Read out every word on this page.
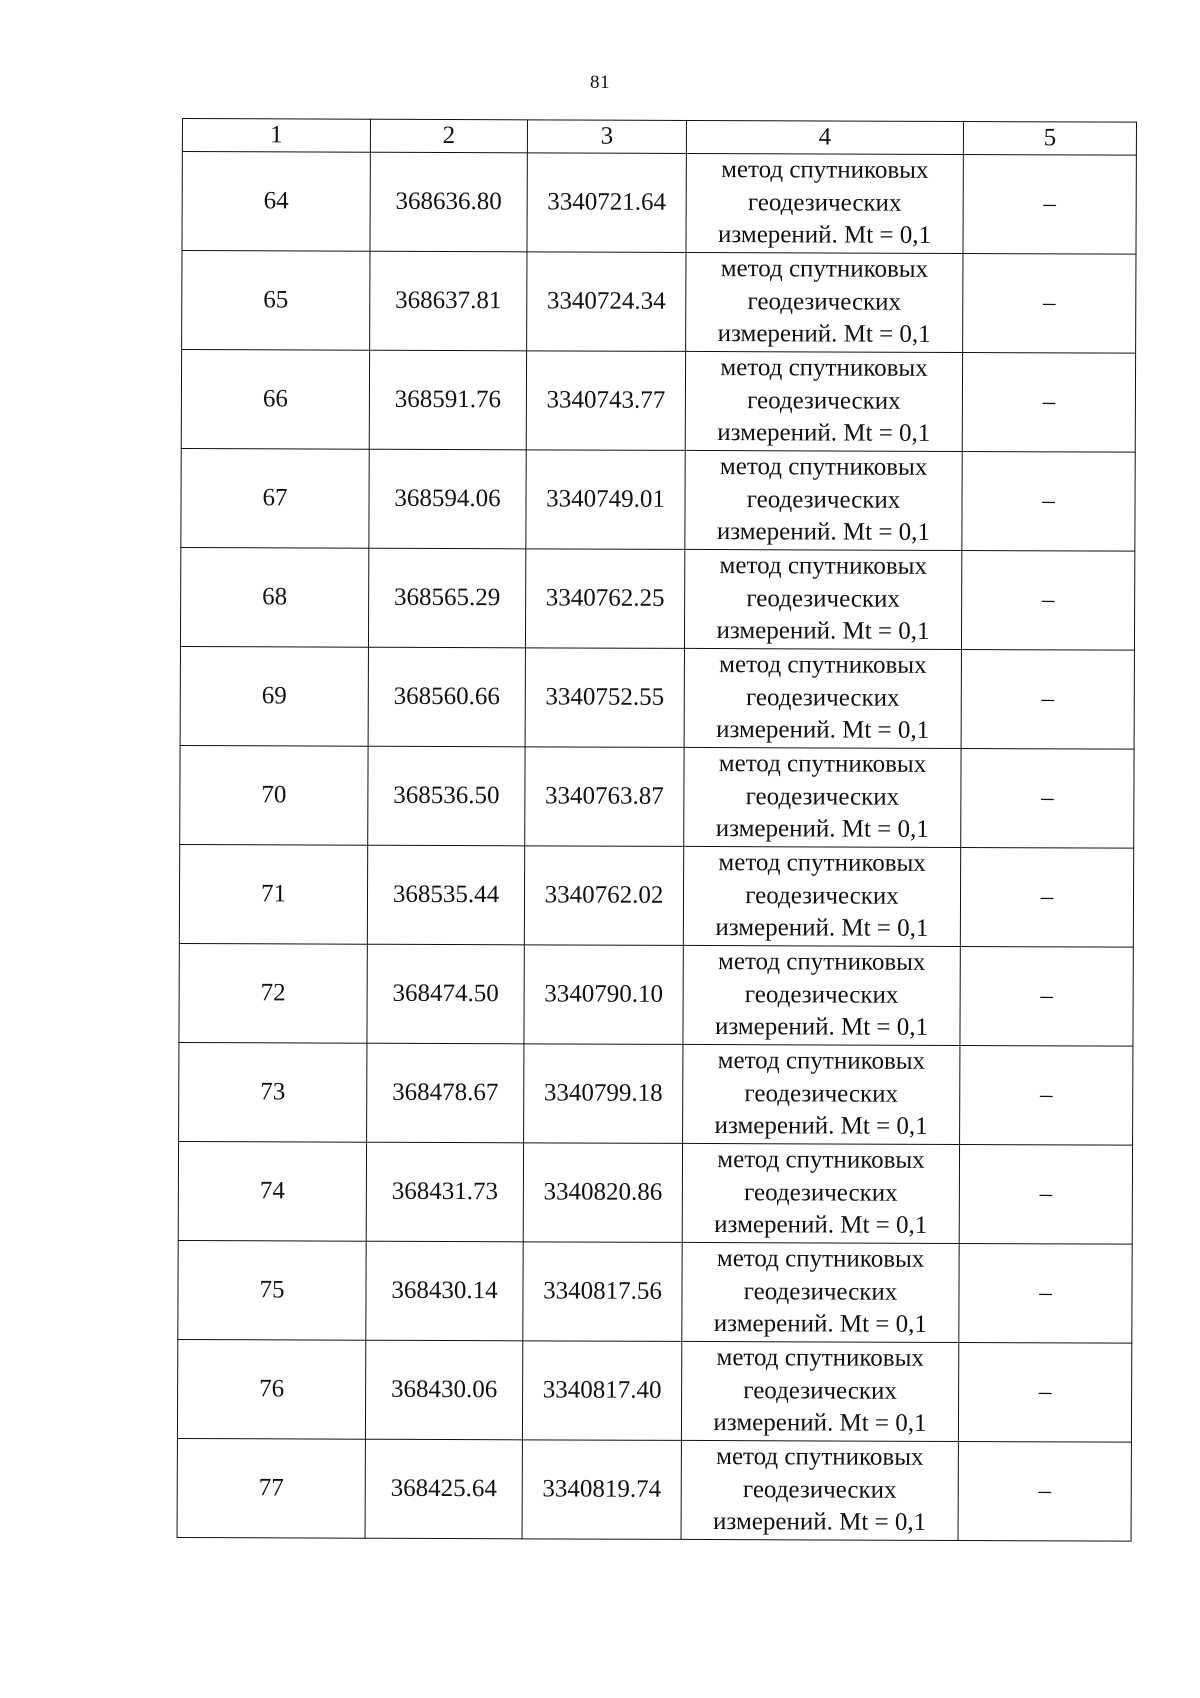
81
1	2	3	4	5
64	368636.80	3340721.64	метод спутниковых
геодезических
измерений. Mt = 0,1	–
65	368637.81	3340724.34	метод спутниковых
геодезических
измерений. Mt = 0,1	–
66	368591.76	3340743.77	метод спутниковых
геодезических
измерений. Mt = 0,1	–
67	368594.06	3340749.01	метод спутниковых
геодезических
измерений. Mt = 0,1	–
68	368565.29	3340762.25	метод спутниковых
геодезических
измерений. Mt = 0,1	–
69	368560.66	3340752.55	метод спутниковых
геодезических
измерений. Mt = 0,1	–
70	368536.50	3340763.87	метод спутниковых
геодезических
измерений. Mt = 0,1	–
71	368535.44	3340762.02	метод спутниковых
геодезических
измерений. Mt = 0,1	–
72	368474.50	3340790.10	метод спутниковых
геодезических
измерений. Mt = 0,1	–
73	368478.67	3340799.18	метод спутниковых
геодезических
измерений. Mt = 0,1	–
74	368431.73	3340820.86	метод спутниковых
геодезических
измерений. Mt = 0,1	–
75	368430.14	3340817.56	метод спутниковых
геодезических
измерений. Mt = 0,1	–
76	368430.06	3340817.40	метод спутниковых
геодезических
измерений. Mt = 0,1	–
77	368425.64	3340819.74	метод спутниковых
геодезических
измерений. Mt = 0,1	–
